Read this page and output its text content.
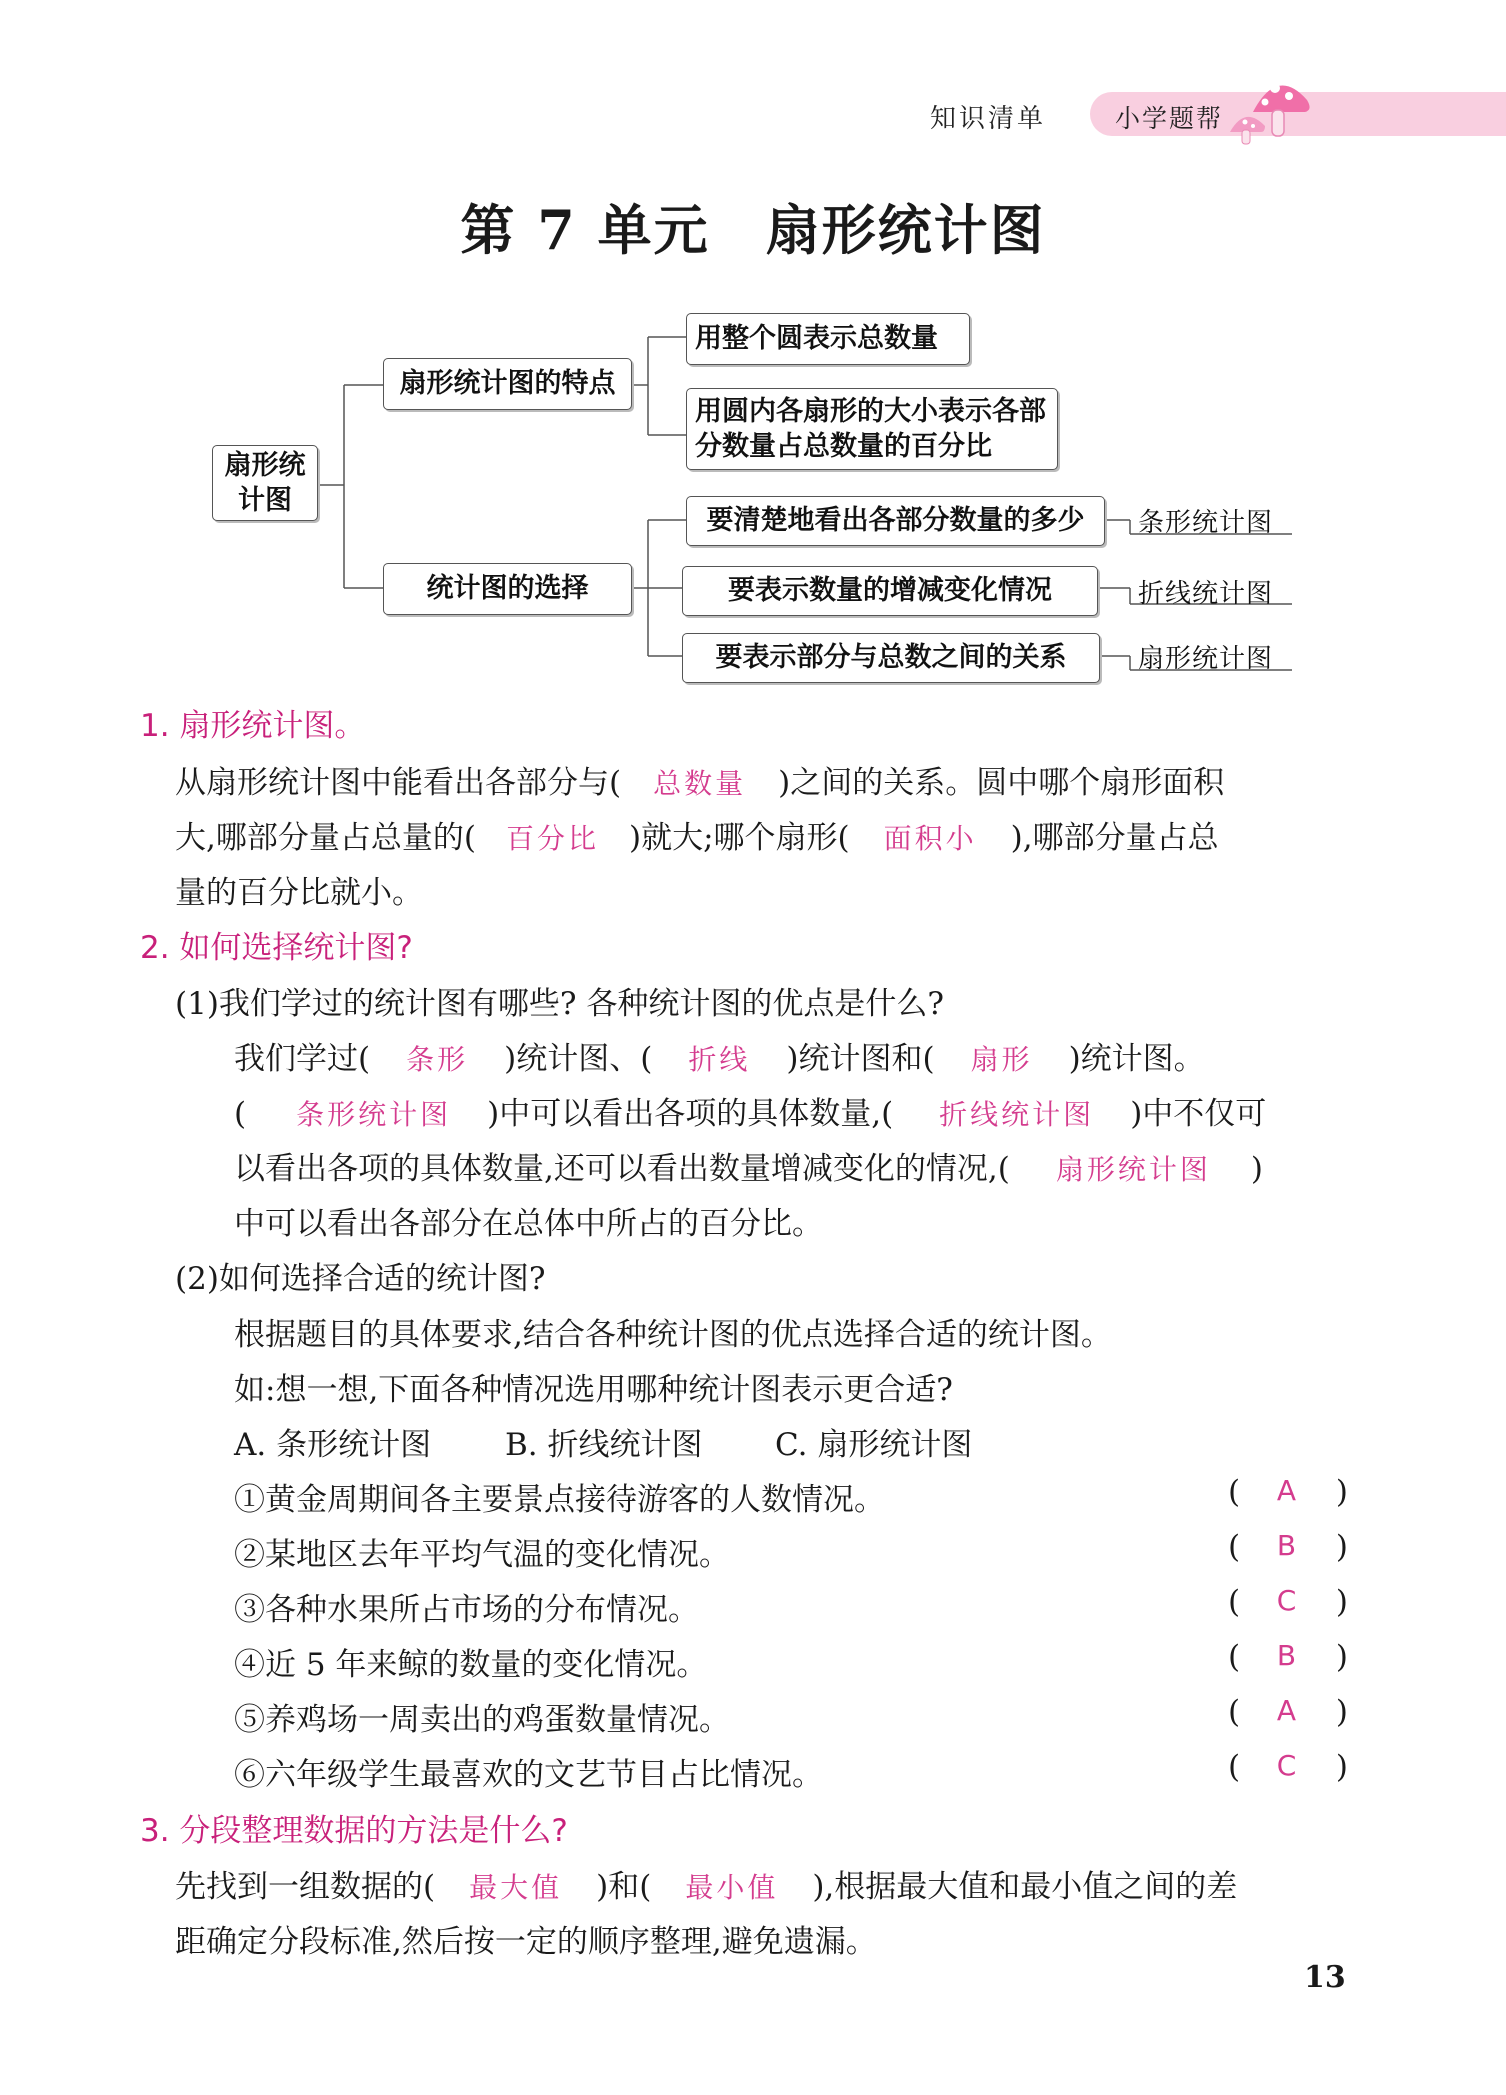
知识清单	小学题帮
第 7 单元　扇形统计图
扇形统计图
扇形统计图的特点
用整个圆表示总数量
用圆内各扇形的大小表示各部分数量占总数量的百分比
统计图的选择
要清楚地看出各部分数量的多少
要表示数量的增减变化情况
要表示部分与总数之间的关系
条形统计图
折线统计图
扇形统计图
1. 扇形统计图。
从扇形统计图中能看出各部分与( 总数量 )之间的关系。圆中哪个扇形面积
大,哪部分量占总量的( 百分比 )就大;哪个扇形( 面积小 ),哪部分量占总
量的百分比就小。
2. 如何选择统计图?
(1)我们学过的统计图有哪些? 各种统计图的优点是什么?
我们学过( 条形 )统计图、( 折线 )统计图和( 扇形 )统计图。
( 条形统计图 )中可以看出各项的具体数量,( 折线统计图 )中不仅可
以看出各项的具体数量,还可以看出数量增减变化的情况,( 扇形统计图 )
中可以看出各部分在总体中所占的百分比。
(2)如何选择合适的统计图?
根据题目的具体要求,结合各种统计图的优点选择合适的统计图。
如:想一想,下面各种情况选用哪种统计图表示更合适?
A. 条形统计图 B. 折线统计图 C. 扇形统计图
①黄金周期间各主要景点接待游客的人数情况。	(	A	)
②某地区去年平均气温的变化情况。	(	B	)
③各种水果所占市场的分布情况。	(	C	)
④近 5 年来鲸的数量的变化情况。	(	B	)
⑤养鸡场一周卖出的鸡蛋数量情况。	(	A	)
⑥六年级学生最喜欢的文艺节目占比情况。	(	C	)
3. 分段整理数据的方法是什么?
先找到一组数据的( 最大值 )和( 最小值 ),根据最大值和最小值之间的差
距确定分段标准,然后按一定的顺序整理,避免遗漏。
13
